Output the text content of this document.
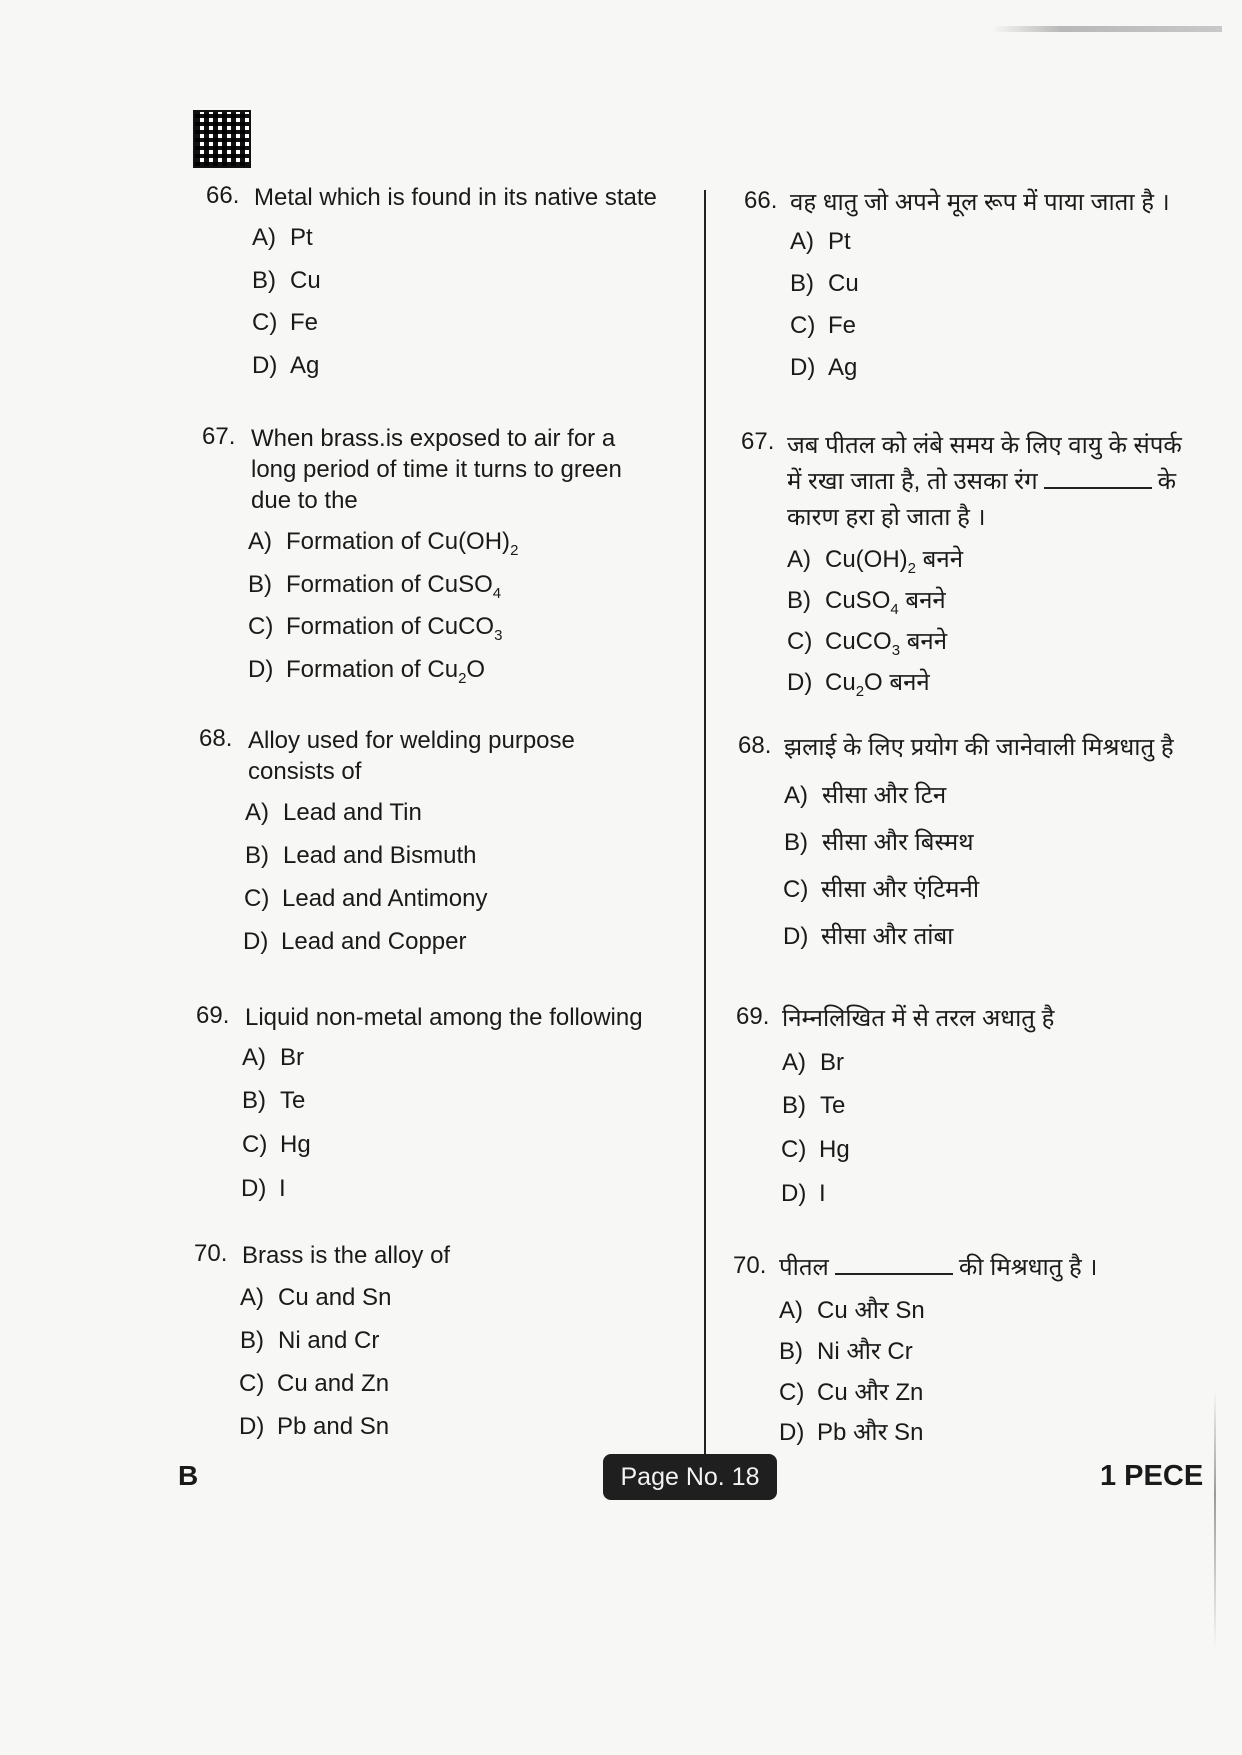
66. Metal which is found in its native state
A) Pt
B) Cu
C) Fe
D) Ag
67. When brass.is exposed to air for a
long period of time it turns to green
due to the
A) Formation of $Cu(OH)_2$
B) Formation of CuSO$_4$
C) Formation of CuCO$_3$
D) Formation of $Cu_2O$
68. Alloy used for welding purpose
consists of
A) Lead and Tin
B) Lead and Bismuth
C) Lead and Antimony
D) Lead and Copper
69. Liquid non-metal among the following
A) Br
B) Te
C) Hg
D) I
70. Brass is the alloy of
A) Cu and Sn
B) Ni and Cr
C) Cu and Zn
D) Pb and Sn
66. वह धातु जो अपने मूल रूप में पाया जाता है ।
A) Pt
B) Cu
C) Fe
D) Ag
67. जब पीतल को लंबे समय के लिए वायु के संपर्क
में रखा जाता है, तो उसका रंग	के
कारण हरा हो जाता है ।
A) $Cu(OH)_2$ बनने
B) CuSO$_4$ बनने
C) CuCO$_3$ बनने
D) $Cu_2O$ बनने
68. झलाई के लिए प्रयोग की जानेवाली मिश्रधातु है
A) सीसा और टिन
B) सीसा और बिस्मथ
C) सीसा और एंटिमनी
D) सीसा और तांबा
69. निम्नलिखित में से तरल अधातु है
A) Br
B) Te
C) Hg
D) I
70. पीतल	की मिश्रधातु है ।
A) Cu और Sn
B) Ni और Cr
C) Cu और Zn
D) Pb और Sn
B	Page No. 18	1 PECE
